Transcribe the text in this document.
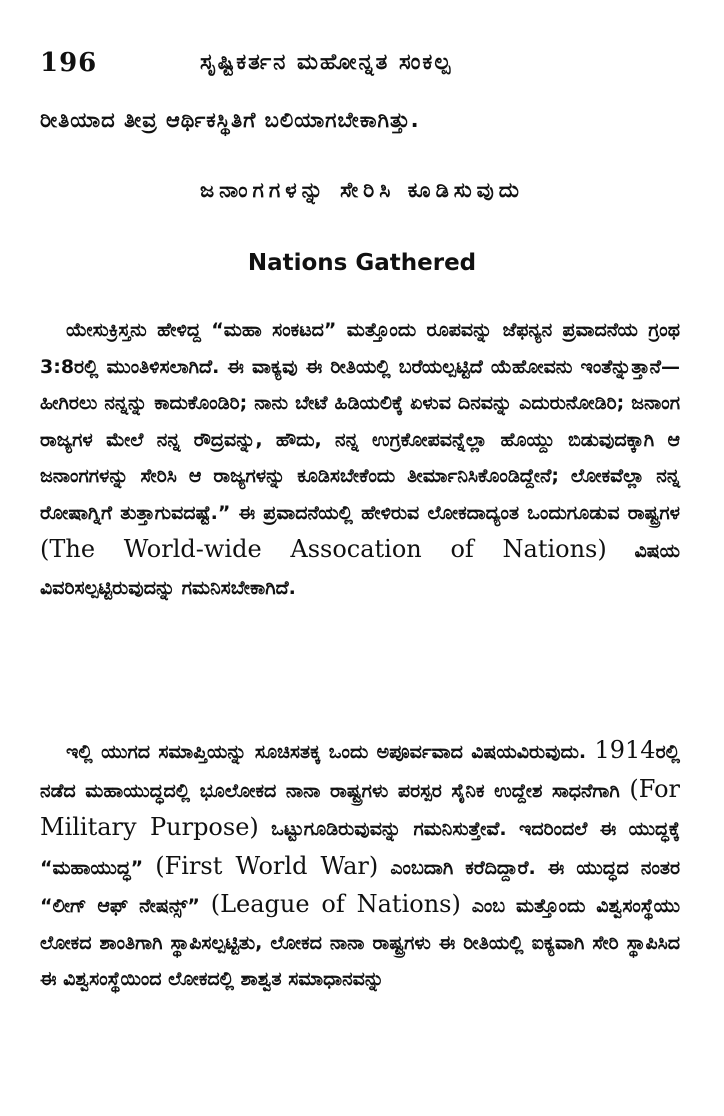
196	ಸೃಷ್ಟಿಕರ್ತನ ಮಹೋನ್ನತ ಸಂಕಲ್ಪ
ರೀತಿಯಾದ ತೀವ್ರ ಆರ್ಥಿಕಸ್ಥಿತಿಗೆ ಬಲಿಯಾಗಬೇಕಾಗಿತ್ತು.
ಜನಾಂಗಗಳನ್ನು ಸೇರಿಸಿ ಕೂಡಿಸುವುದು
Nations Gathered

ಯೇಸುಕ್ರಿಸ್ತನು ಹೇಳಿದ್ದ “ಮಹಾ ಸಂಕಟದ” ಮತ್ತೊಂದು ರೂಪವನ್ನು ಜೆಫನ್ಯನ ಪ್ರವಾದನೆಯ ಗ್ರಂಥ 3:8ರಲ್ಲಿ ಮುಂತಿಳಿಸಲಾಗಿದೆ. ಈ ವಾಕ್ಯವು ಈ ರೀತಿಯಲ್ಲಿ ಬರೆಯಲ್ಪಟ್ಟಿದೆ ಯೆಹೋವನು ಇಂತೆನ್ನುತ್ತಾನೆ— ಹೀಗಿರಲು ನನ್ನನ್ನು ಕಾದುಕೊಂಡಿರಿ; ನಾನು ಬೇಟೆ ಹಿಡಿಯಲಿಕ್ಕೆ ಏಳುವ ದಿನವನ್ನು ಎದುರುನೋಡಿರಿ; ಜನಾಂಗ ರಾಜ್ಯಗಳ ಮೇಲೆ ನನ್ನ ರೌದ್ರವನ್ನು, ಹೌದು, ನನ್ನ ಉಗ್ರಕೋಪವನ್ನೆಲ್ಲಾ ಹೊಯ್ದು ಬಿಡುವುದಕ್ಕಾಗಿ ಆ ಜನಾಂಗಗಳನ್ನು ಸೇರಿಸಿ ಆ ರಾಜ್ಯಗಳನ್ನು ಕೂಡಿಸಬೇಕೆಂದು ತೀರ್ಮಾನಿಸಿಕೊಂಡಿದ್ದೇನೆ; ಲೋಕವೆಲ್ಲಾ ನನ್ನ ರೋಷಾಗ್ನಿಗೆ ತುತ್ತಾಗುವದಷ್ಟೆ.” ಈ ಪ್ರವಾದನೆಯಲ್ಲಿ ಹೇಳಿರುವ ಲೋಕದಾದ್ಯಂತ ಒಂದುಗೂಡುವ ರಾಷ್ಟ್ರಗಳ (The World-wide Assocation of Nations) ವಿಷಯ ವಿವರಿಸಲ್ಪಟ್ಟಿರುವುದನ್ನು ಗಮನಿಸಬೇಕಾಗಿದೆ.

ಇಲ್ಲಿ ಯುಗದ ಸಮಾಪ್ತಿಯನ್ನು ಸೂಚಿಸತಕ್ಕ ಒಂದು ಅಪೂರ್ವವಾದ ವಿಷಯವಿರುವುದು. 1914ರಲ್ಲಿ ನಡೆದ ಮಹಾಯುದ್ಧದಲ್ಲಿ ಭೂಲೋಕದ ನಾನಾ ರಾಷ್ಟ್ರಗಳು ಪರಸ್ಪರ ಸೈನಿಕ ಉದ್ದೇಶ ಸಾಧನೆಗಾಗಿ (For Military Purpose) ಒಟ್ಟುಗೂಡಿರುವುವನ್ನು ಗಮನಿಸುತ್ತೇವೆ. ಇದರಿಂದಲೆ ಈ ಯುದ್ಧಕ್ಕೆ “ಮಹಾಯುದ್ಧ” (First World War) ಎಂಬದಾಗಿ ಕರೆದಿದ್ದಾರೆ. ಈ ಯುದ್ಧದ ನಂತರ “ಲೀಗ್ ಆಫ್ ನೇಷನ್ಸ್” (League of Nations) ಎಂಬ ಮತ್ತೊಂದು ವಿಶ್ವಸಂಸ್ಥೆಯು ಲೋಕದ ಶಾಂತಿಗಾಗಿ ಸ್ಥಾಪಿಸಲ್ಪಟ್ಟಿತು, ಲೋಕದ ನಾನಾ ರಾಷ್ಟ್ರಗಳು ಈ ರೀತಿಯಲ್ಲಿ ಐಕ್ಯವಾಗಿ ಸೇರಿ ಸ್ಥಾಪಿಸಿದ ಈ ವಿಶ್ವಸಂಸ್ಥೆಯಿಂದ ಲೋಕದಲ್ಲಿ ಶಾಶ್ವತ ಸಮಾಧಾನವನ್ನು
